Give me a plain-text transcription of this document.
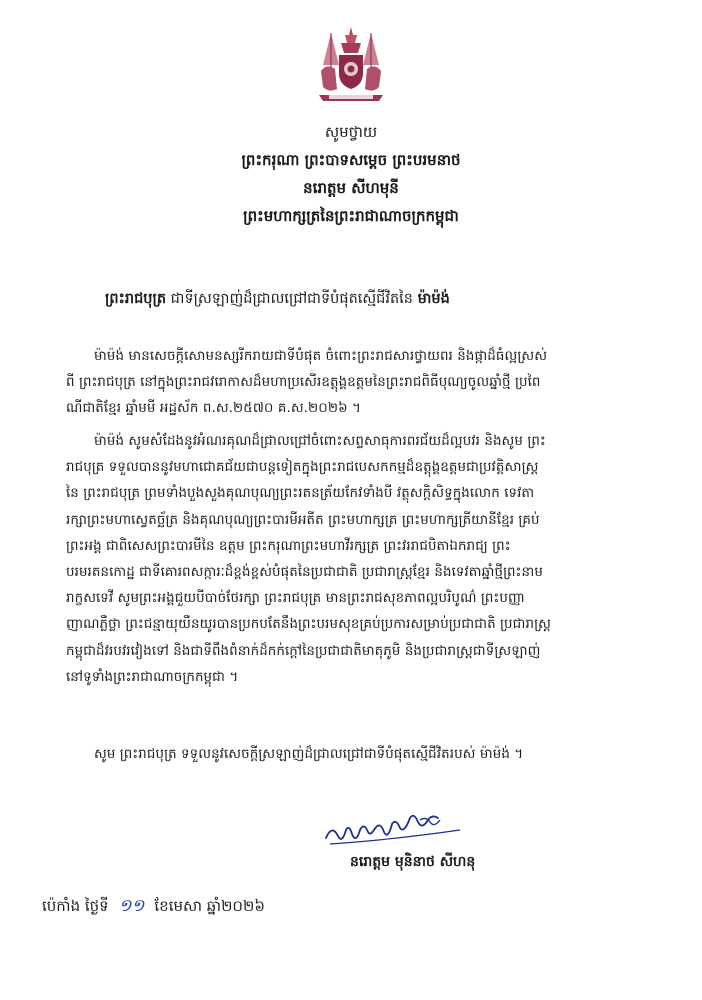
សូមថ្វាយ
ព្រះករុណា ព្រះបាទសម្តេច ព្រះបរមនាថ
នរោត្តម សីហមុនី
ព្រះមហាក្សត្រនៃព្រះរាជាណាចក្រកម្ពុជា
ព្រះរាជបុត្រ ជាទីស្រឡាញ់ដ៏ជ្រាលជ្រៅជាទីបំផុតស្មើជីវិតនៃ ម៉ាម៉ង់
ម៉ាម៉ង់ មានសេចក្តីសោមនស្សរីករាយជាទីបំផុត ចំពោះព្រះរាជសារថ្វាយពរ និងផ្កាដ៏ធំល្អស្រស់
ពី ព្រះរាជបុត្រ នៅក្នុងព្រះរាជវរោកាសដ៏មហាប្រសើរឧត្តុង្គឧត្តមនៃព្រះរាជពិធីបុណ្យចូលឆ្នាំថ្មី ប្រពៃ
ណីជាតិខ្មែរ ឆ្នាំមមី អដ្ឋស័ក ព.ស.២៥៧០ គ.ស.២០២៦ ។
ម៉ាម៉ង់ សូមសំដែងនូវអំណរគុណដ៏ជ្រាលជ្រៅចំពោះសព្ទសាធុការពរជ័យដ៏ល្អបវរ និងសូម ព្រះ
រាជបុត្រ ទទួលបាននូវមហាជោគជ័យជាបន្តទៀតក្នុងព្រះរាជបេសកកម្មដ៏ឧត្តុង្គឧត្តមជាប្រវត្តិសាស្ត្រ
នៃ ព្រះរាជបុត្រ ព្រមទាំងបួងសួងគុណបុណ្យព្រះរតនត្រ័យកែវទាំងបី វត្ថុសក្តិសិទ្ធក្នុងលោក ទេវតា
រក្សាព្រះមហាស្វេតច្ឆ័ត្រ និងគុណបុណ្យព្រះបារមីអតីត ព្រះមហាក្សត្រ ព្រះមហាក្សត្រីយានីខ្មែរ គ្រប់
ព្រះអង្គ ជាពិសេសព្រះបារមីនៃ ឧត្តម ព្រះករុណាព្រះមហាវីរក្សត្រ ព្រះវររាជបិតាឯករាជ្យ ព្រះ
បរមរតនកោដ្ឋ ជាទីគោរពសក្ការៈដ៏ខ្ពង់ខ្ពស់បំផុតនៃប្រជាជាតិ ប្រជារាស្ត្រខ្មែរ និងទេវតាឆ្នាំថ្មីព្រះនាម
រាក្ខសទេវី សូមព្រះអង្គជួយបីបាច់ថែរក្សា ព្រះរាជបុត្រ មានព្រះរាជសុខភាពល្អបរិបូណ៌ ព្រះបញ្ញា
ញាណភ្លឺថ្លា ព្រះជន្មាយុយឺនយូរបានប្រកបតែនឹងព្រះបរមសុខគ្រប់ប្រការសម្រាប់ប្រជាជាតិ ប្រជារាស្ត្រ
កម្ពុជាដ៏វរបវរវៀងទៅ និងជាទីពឹងពំនាក់ដ៏កក់ក្តៅនៃប្រជាជាតិមាតុភូមិ និងប្រជារាស្ត្រជាទីស្រឡាញ់
នៅទូទាំងព្រះរាជាណាចក្រកម្ពុជា ។
សូម ព្រះរាជបុត្រ ទទួលនូវសេចក្តីស្រឡាញ់ដ៏ជ្រាលជ្រៅជាទីបំផុតស្មើជីវិតរបស់ ម៉ាម៉ង់ ។
នរោត្តម មុនិនាថ សីហនុ
ប៉េកាំង ថ្ងៃទី ១១ ខែមេសា ឆ្នាំ២០២៦
